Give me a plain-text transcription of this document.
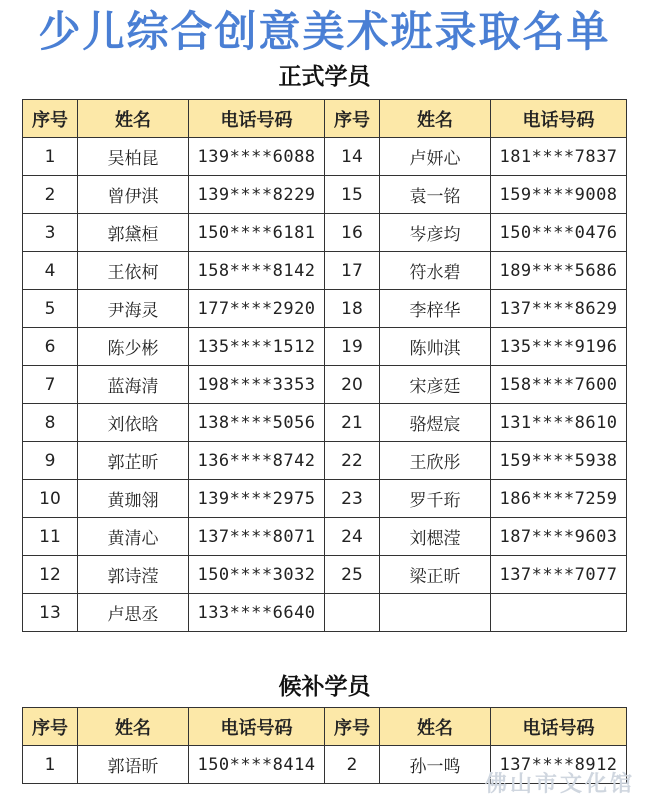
少儿综合创意美术班录取名单
正式学员
序号	姓名	电话号码	序号	姓名	电话号码
1	吴柏昆	139****6088	14	卢妍心	181****7837
2	曾伊淇	139****8229	15	袁一铭	159****9008
3	郭黛桓	150****6181	16	岑彦均	150****0476
4	王依柯	158****8142	17	符水碧	189****5686
5	尹海灵	177****2920	18	李梓华	137****8629
6	陈少彬	135****1512	19	陈帅淇	135****9196
7	蓝海清	198****3353	20	宋彦廷	158****7600
8	刘依晗	138****5056	21	骆煜宸	131****8610
9	郭芷昕	136****8742	22	王欣彤	159****5938
10	黄珈翎	139****2975	23	罗千珩	186****7259
11	黄清心	137****8071	24	刘楒滢	187****9603
12	郭诗滢	150****3032	25	梁正昕	137****7077
13	卢思丞	133****6640			
候补学员
序号	姓名	电话号码	序号	姓名	电话号码
1	郭语昕	150****8414	2	孙一鸣	137****8912
佛山市文化馆
